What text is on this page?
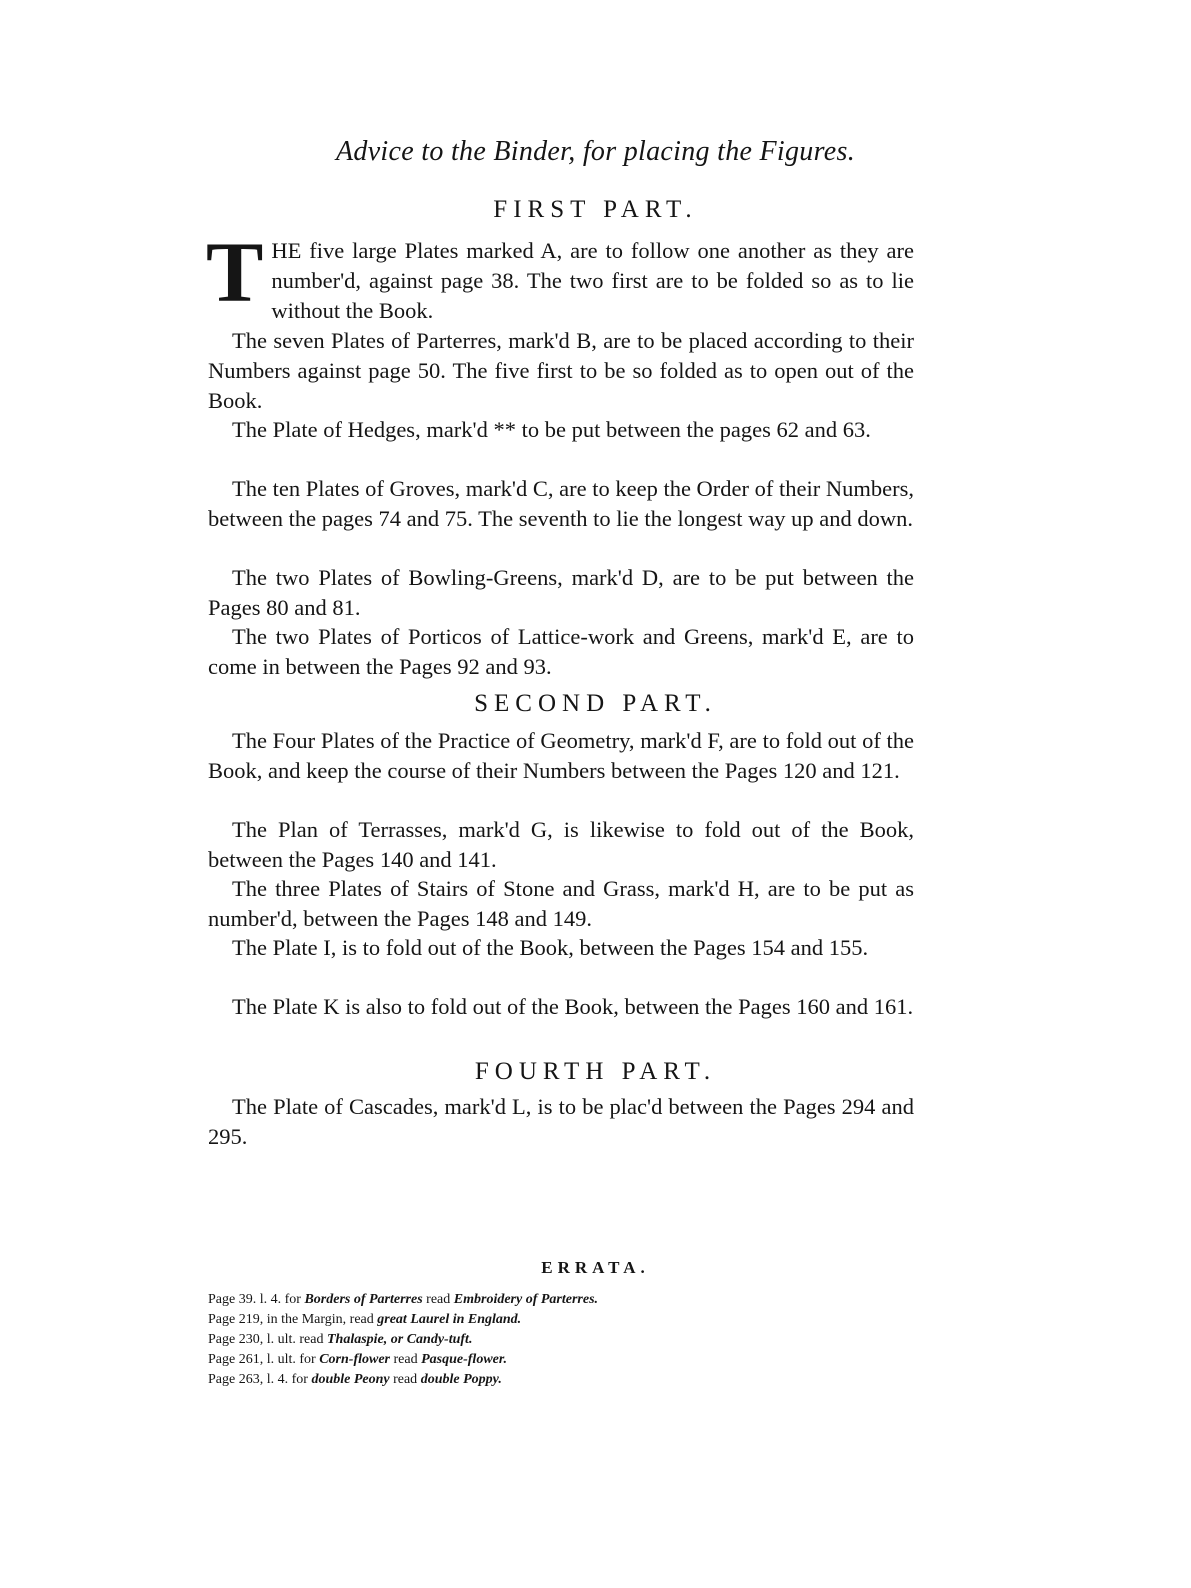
Advice to the Binder, for placing the Figures.
FIRST PART.

THE five large Plates marked A, are to follow one another as they are number'd, against page 38. The two first are to be folded so as to lie without the Book.

The seven Plates of Parterres, mark'd B, are to be placed according to their Numbers against page 50. The five first to be so folded as to open out of the Book.

The Plate of Hedges, mark'd ** to be put between the pages 62 and 63.

The ten Plates of Groves, mark'd C, are to keep the Order of their Numbers, between the pages 74 and 75. The seventh to lie the longest way up and down.

The two Plates of Bowling-Greens, mark'd D, are to be put between the Pages 80 and 81.

The two Plates of Porticos of Lattice-work and Greens, mark'd E, are to come in between the Pages 92 and 93.

SECOND PART.

The Four Plates of the Practice of Geometry, mark'd F, are to fold out of the Book, and keep the course of their Numbers between the Pages 120 and 121.

The Plan of Terrasses, mark'd G, is likewise to fold out of the Book, between the Pages 140 and 141.

The three Plates of Stairs of Stone and Grass, mark'd H, are to be put as number'd, between the Pages 148 and 149.

The Plate I, is to fold out of the Book, between the Pages 154 and 155.

The Plate K is also to fold out of the Book, between the Pages 160 and 161.

FOURTH PART.

The Plate of Cascades, mark'd L, is to be plac'd between the Pages 294 and 295.

ERRATA.
Page 39. l. 4. for Borders of Parterres read Embroidery of Parterres.
Page 219, in the Margin, read great Laurel in England.
Page 230, l. ult. read Thalaspie, or Candy-tuft.
Page 261, l. ult. for Corn-flower read Pasque-flower.
Page 263, l. 4. for double Peony read double Poppy.
